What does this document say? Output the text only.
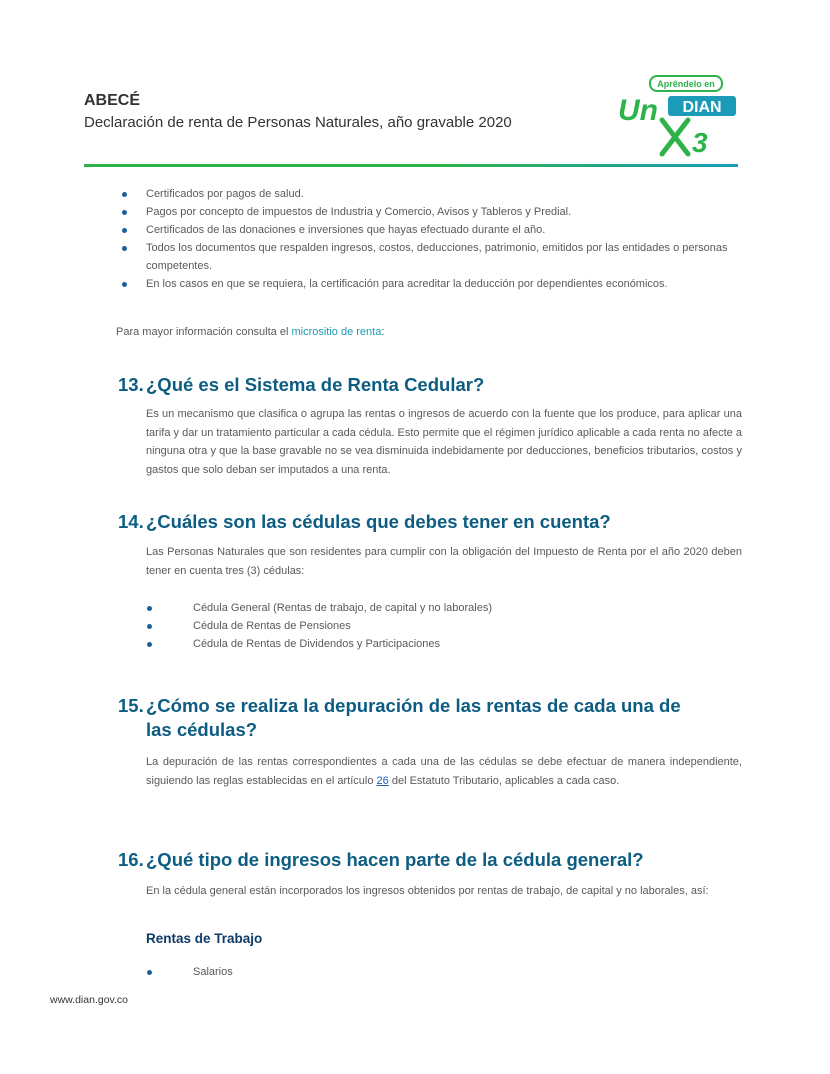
ABECÉ

Declaración de renta de Personas Naturales, año gravable 2020

Aprêndelo en
Un DIAN
3
Certificados por pagos de salud.
Pagos por concepto de impuestos de Industria y Comercio, Avisos y Tableros y Predial.
Certificados de las donaciones e inversiones que hayas efectuado durante el año.
Todos los documentos que respalden ingresos, costos, deducciones, patrimonio, emitidos por las entidades o personas competentes.
En los casos en que se requiera, la certificación para acreditar la deducción por dependientes económicos.

Para mayor información consulta el micrositio de renta:

13. ¿Qué es el Sistema de Renta Cedular?

Es un mecanismo que clasifica o agrupa las rentas o ingresos de acuerdo con la fuente que los produce, para aplicar una tarifa y dar un tratamiento particular a cada cédula. Esto permite que el régimen jurídico aplicable a cada renta no afecte a ninguna otra y que la base gravable no se vea disminuida indebidamente por deducciones, beneficios tributarios, costos y gastos que solo deban ser imputados a una renta.

14. ¿Cuáles son las cédulas que debes tener en cuenta?

Las Personas Naturales que son residentes para cumplir con la obligación del Impuesto de Renta por el año 2020 deben tener en cuenta tres (3) cédulas:

Cédula General (Rentas de trabajo, de capital y no laborales)
Cédula de Rentas de Pensiones
Cédula de Rentas de Dividendos y Participaciones
15. ¿Cómo se realiza la depuración de las rentas de cada una de
las cédulas?

La depuración de las rentas correspondientes a cada una de las cédulas se debe efectuar de manera independiente, siguiendo las reglas establecidas en el artículo 26 del Estatuto Tributario, aplicables a cada caso.

16. ¿Qué tipo de ingresos hacen parte de la cédula general?

En la cédula general están incorporados los ingresos obtenidos por rentas de trabajo, de capital y no laborales, así:

Rentas de Trabajo

Salarios
www.dian.gov.co
